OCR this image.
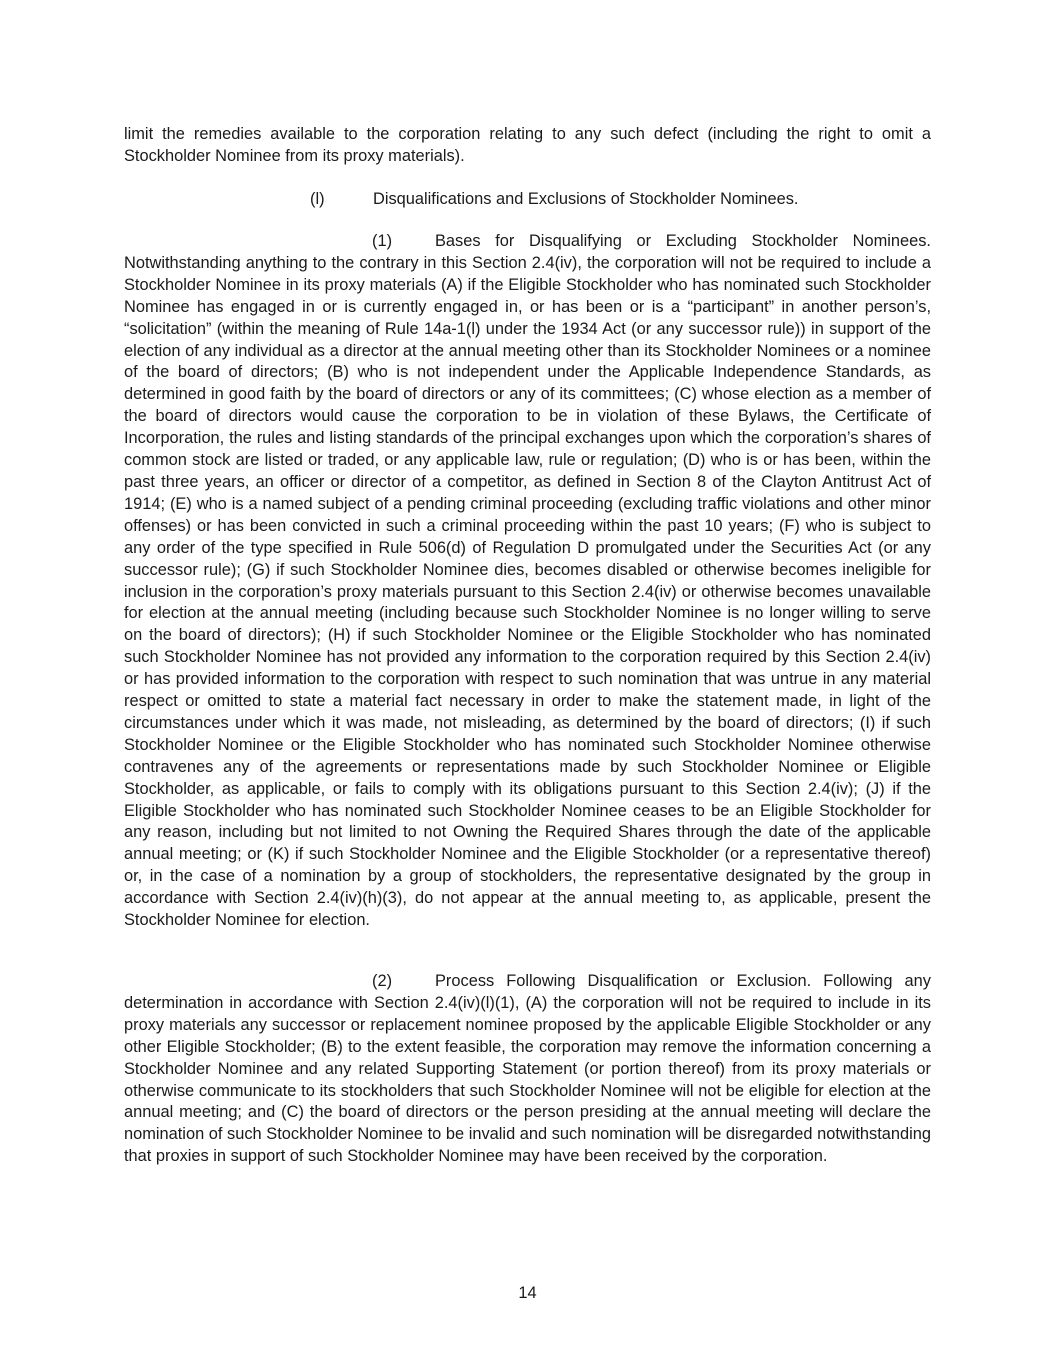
limit the remedies available to the corporation relating to any such defect (including the right to omit a Stockholder Nominee from its proxy materials).

(l)	Disqualifications and Exclusions of Stockholder Nominees.

(1)	Bases for Disqualifying or Excluding Stockholder Nominees. Notwithstanding anything to the contrary in this Section 2.4(iv), the corporation will not be required to include a Stockholder Nominee in its proxy materials (A) if the Eligible Stockholder who has nominated such Stockholder Nominee has engaged in or is currently engaged in, or has been or is a “participant” in another person’s, “solicitation” (within the meaning of Rule 14a-1(l) under the 1934 Act (or any successor rule)) in support of the election of any individual as a director at the annual meeting other than its Stockholder Nominees or a nominee of the board of directors; (B) who is not independent under the Applicable Independence Standards, as determined in good faith by the board of directors or any of its committees; (C) whose election as a member of the board of directors would cause the corporation to be in violation of these Bylaws, the Certificate of Incorporation, the rules and listing standards of the principal exchanges upon which the corporation’s shares of common stock are listed or traded, or any applicable law, rule or regulation; (D) who is or has been, within the past three years, an officer or director of a competitor, as defined in Section 8 of the Clayton Antitrust Act of 1914; (E) who is a named subject of a pending criminal proceeding (excluding traffic violations and other minor offenses) or has been convicted in such a criminal proceeding within the past 10 years; (F) who is subject to any order of the type specified in Rule 506(d) of Regulation D promulgated under the Securities Act (or any successor rule); (G) if such Stockholder Nominee dies, becomes disabled or otherwise becomes ineligible for inclusion in the corporation’s proxy materials pursuant to this Section 2.4(iv) or otherwise becomes unavailable for election at the annual meeting (including because such Stockholder Nominee is no longer willing to serve on the board of directors); (H) if such Stockholder Nominee or the Eligible Stockholder who has nominated such Stockholder Nominee has not provided any information to the corporation required by this Section 2.4(iv) or has provided information to the corporation with respect to such nomination that was untrue in any material respect or omitted to state a material fact necessary in order to make the statement made, in light of the circumstances under which it was made, not misleading, as determined by the board of directors; (I) if such Stockholder Nominee or the Eligible Stockholder who has nominated such Stockholder Nominee otherwise contravenes any of the agreements or representations made by such Stockholder Nominee or Eligible Stockholder, as applicable, or fails to comply with its obligations pursuant to this Section 2.4(iv); (J) if the Eligible Stockholder who has nominated such Stockholder Nominee ceases to be an Eligible Stockholder for any reason, including but not limited to not Owning the Required Shares through the date of the applicable annual meeting; or (K) if such Stockholder Nominee and the Eligible Stockholder (or a representative thereof) or, in the case of a nomination by a group of stockholders, the representative designated by the group in accordance with Section 2.4(iv)(h)(3), do not appear at the annual meeting to, as applicable, present the Stockholder Nominee for election.

(2)	Process Following Disqualification or Exclusion. Following any determination in accordance with Section 2.4(iv)(l)(1), (A) the corporation will not be required to include in its proxy materials any successor or replacement nominee proposed by the applicable Eligible Stockholder or any other Eligible Stockholder; (B) to the extent feasible, the corporation may remove the information concerning a Stockholder Nominee and any related Supporting Statement (or portion thereof) from its proxy materials or otherwise communicate to its stockholders that such Stockholder Nominee will not be eligible for election at the annual meeting; and (C) the board of directors or the person presiding at the annual meeting will declare the nomination of such Stockholder Nominee to be invalid and such nomination will be disregarded notwithstanding that proxies in support of such Stockholder Nominee may have been received by the corporation.

14
